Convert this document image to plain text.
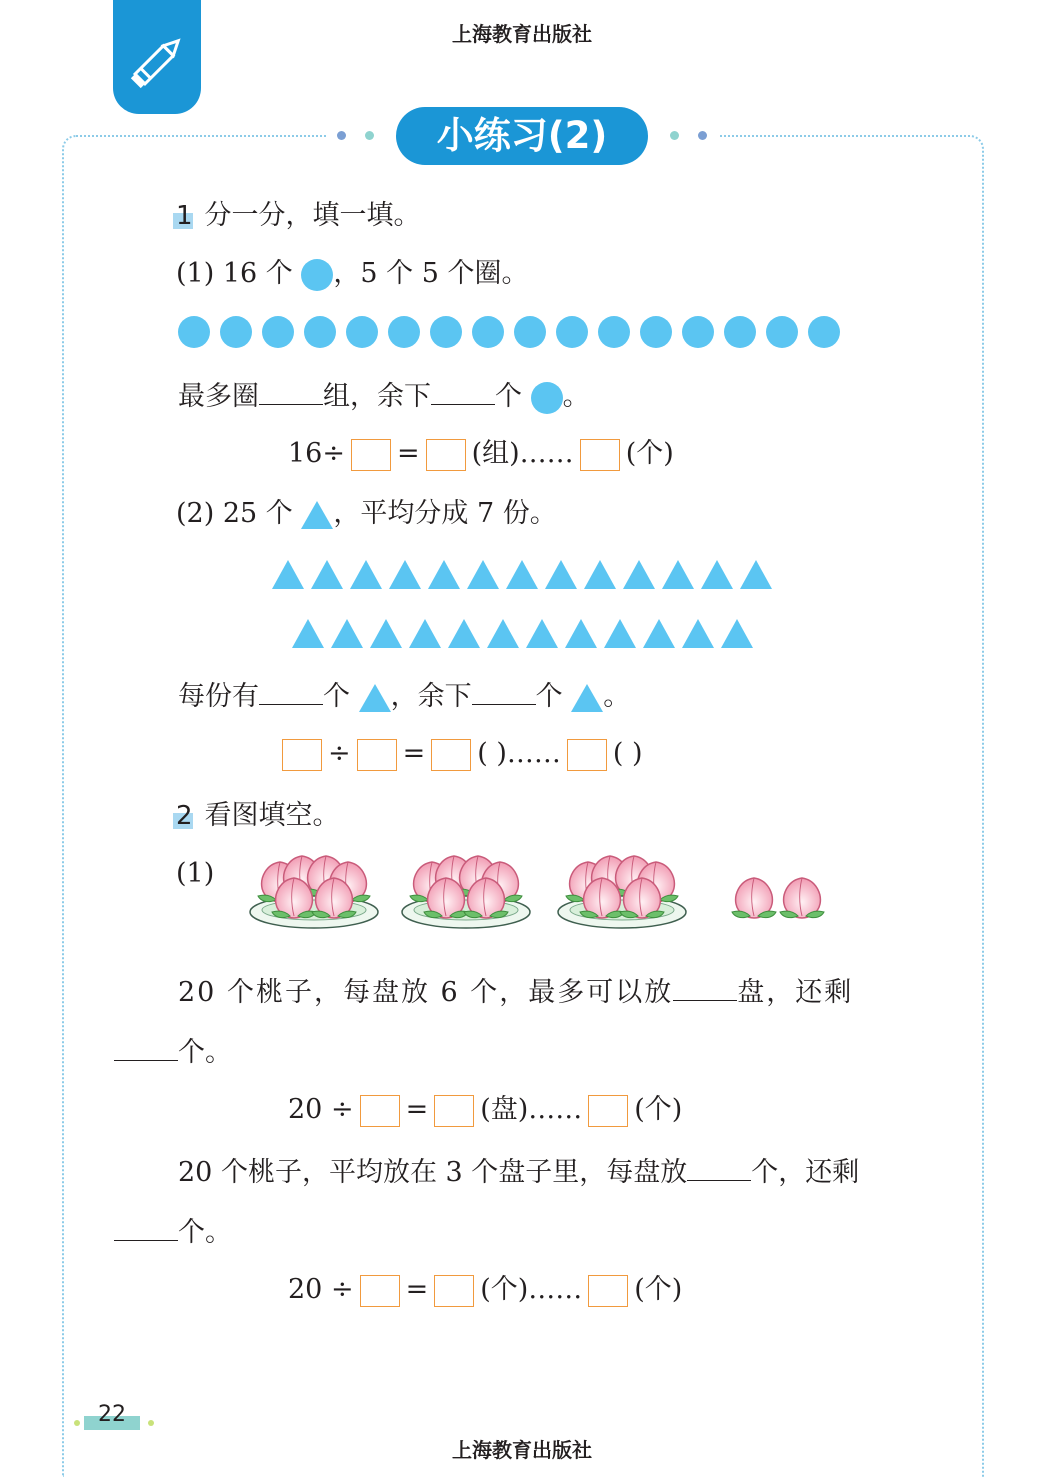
上海教育出版社
小练习(2)
1 分一分，填一填。
(1) 16 个 ，5 个 5 个圈。
最多圈 组，余下 个 。
16÷ = (组)…… (个)
(2) 25 个 ，平均分成 7 份。
每份有 个 ，余下 个 。
÷ = ( )…… ( )
2 看图填空。
(1)
20 个桃子，每盘放 6 个，最多可以放 盘，还剩
个。
20 ÷ = (盘)…… (个)
20 个桃子，平均放在 3 个盘子里，每盘放 个，还剩
个。
20 ÷ = (个)…… (个)
22
上海教育出版社
